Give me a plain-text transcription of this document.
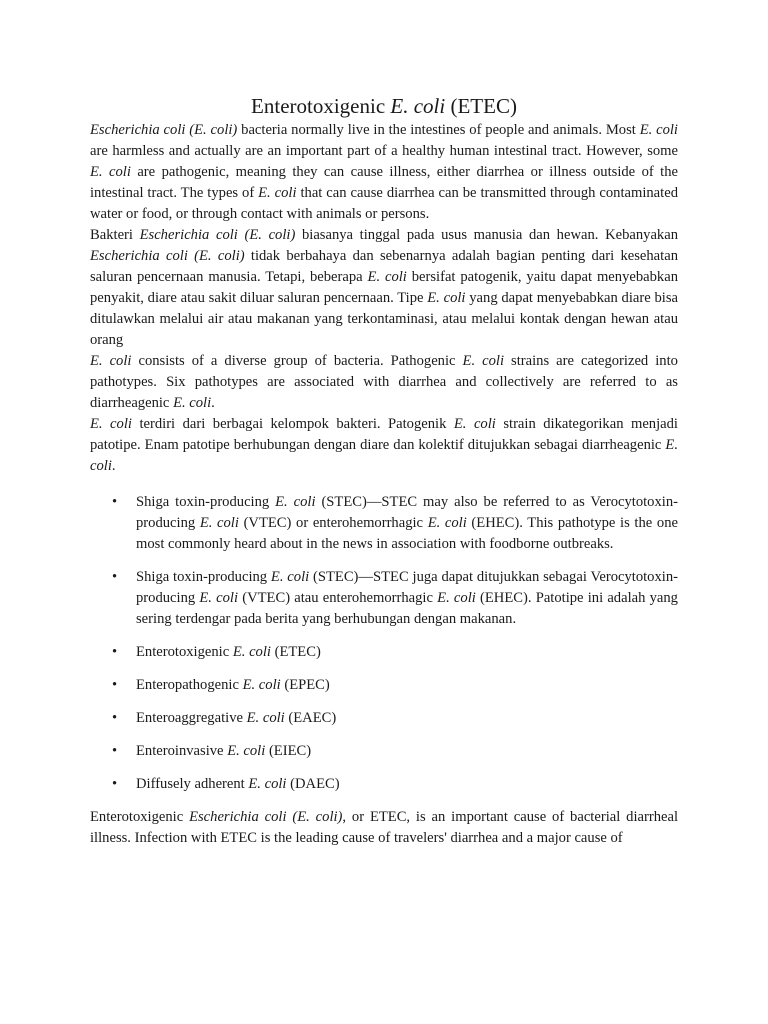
Enterotoxigenic E. coli (ETEC)

Escherichia coli (E. coli) bacteria normally live in the intestines of people and animals. Most E. coli are harmless and actually are an important part of a healthy human intestinal tract. However, some E. coli are pathogenic, meaning they can cause illness, either diarrhea or illness outside of the intestinal tract. The types of E. coli that can cause diarrhea can be transmitted through contaminated water or food, or through contact with animals or persons.

Bakteri Escherichia coli (E. coli) biasanya tinggal pada usus manusia dan hewan. Kebanyakan Escherichia coli (E. coli) tidak berbahaya dan sebenarnya adalah bagian penting dari kesehatan saluran pencernaan manusia. Tetapi, beberapa E. coli bersifat patogenik, yaitu dapat menyebabkan penyakit, diare atau sakit diluar saluran pencernaan. Tipe E. coli yang dapat menyebabkan diare bisa ditulawkan melalui air atau makanan yang terkontaminasi, atau melalui kontak dengan hewan atau orang

E. coli consists of a diverse group of bacteria. Pathogenic E. coli strains are categorized into pathotypes. Six pathotypes are associated with diarrhea and collectively are referred to as diarrheagenic E. coli.

E. coli terdiri dari berbagai kelompok bakteri. Patogenik E. coli strain dikategorikan menjadi patotipe. Enam patotipe berhubungan dengan diare dan kolektif ditujukkan sebagai diarrheagenic E. coli.

• Shiga toxin-producing E. coli (STEC)—STEC may also be referred to as Verocytotoxin-producing E. coli (VTEC) or enterohemorrhagic E. coli (EHEC). This pathotype is the one most commonly heard about in the news in association with foodborne outbreaks.
• Shiga toxin-producing E. coli (STEC)—STEC juga dapat ditujukkan sebagai Verocytotoxin-producing E. coli (VTEC) atau enterohemorrhagic E. coli (EHEC). Patotipe ini adalah yang sering terdengar pada berita yang berhubungan dengan makanan.
• Enterotoxigenic E. coli (ETEC)
• Enteropathogenic E. coli (EPEC)
• Enteroaggregative E. coli (EAEC)
• Enteroinvasive E. coli (EIEC)
• Diffusely adherent E. coli (DAEC)

Enterotoxigenic Escherichia coli (E. coli), or ETEC, is an important cause of bacterial diarrheal illness. Infection with ETEC is the leading cause of travelers' diarrhea and a major cause of
